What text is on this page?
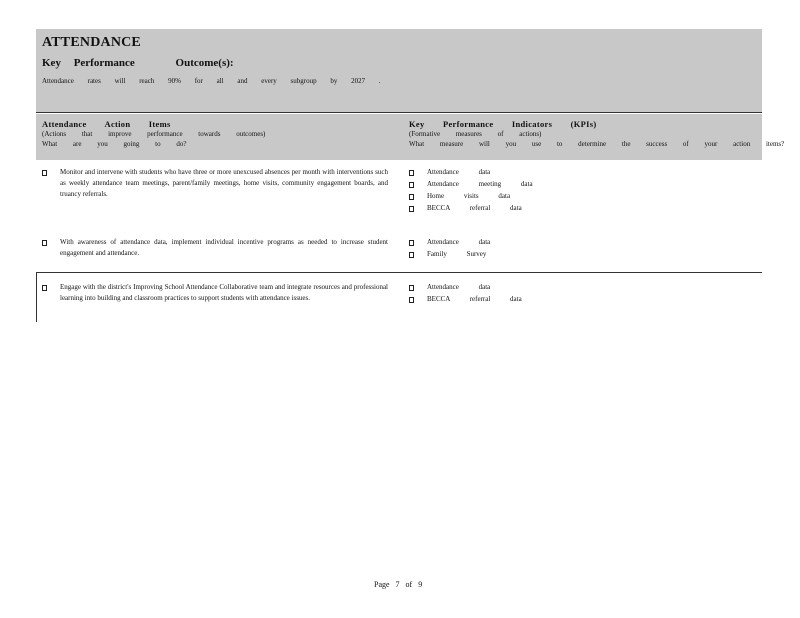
ATTENDANCE
Key Performance	Outcome(s):
Attendance rates will reach 90% for all and every subgroup by 2027 .
Attendance Action Items
(Actions that improve performance towards outcomes)
What are you going to do?
Key Performance Indicators (KPIs)
(Formative measures of actions)
What measure will you use to determine the success of your action items?
Monitor and intervene with students who have three or more unexcused absences per month with interventions such as weekly attendance team meetings, parent/family meetings, home visits, community engagement boards, and truancy referrals.
Attendance data
Attendance meeting data
Home visits data
BECCA referral data
With awareness of attendance data, implement individual incentive programs as needed to increase student engagement and attendance.
Attendance data
Family Survey
Engage with the district's Improving School Attendance Collaborative team and integrate resources and professional learning into building and classroom practices to support students with attendance issues.
Attendance data
BECCA referral data
Page 7 of 9
